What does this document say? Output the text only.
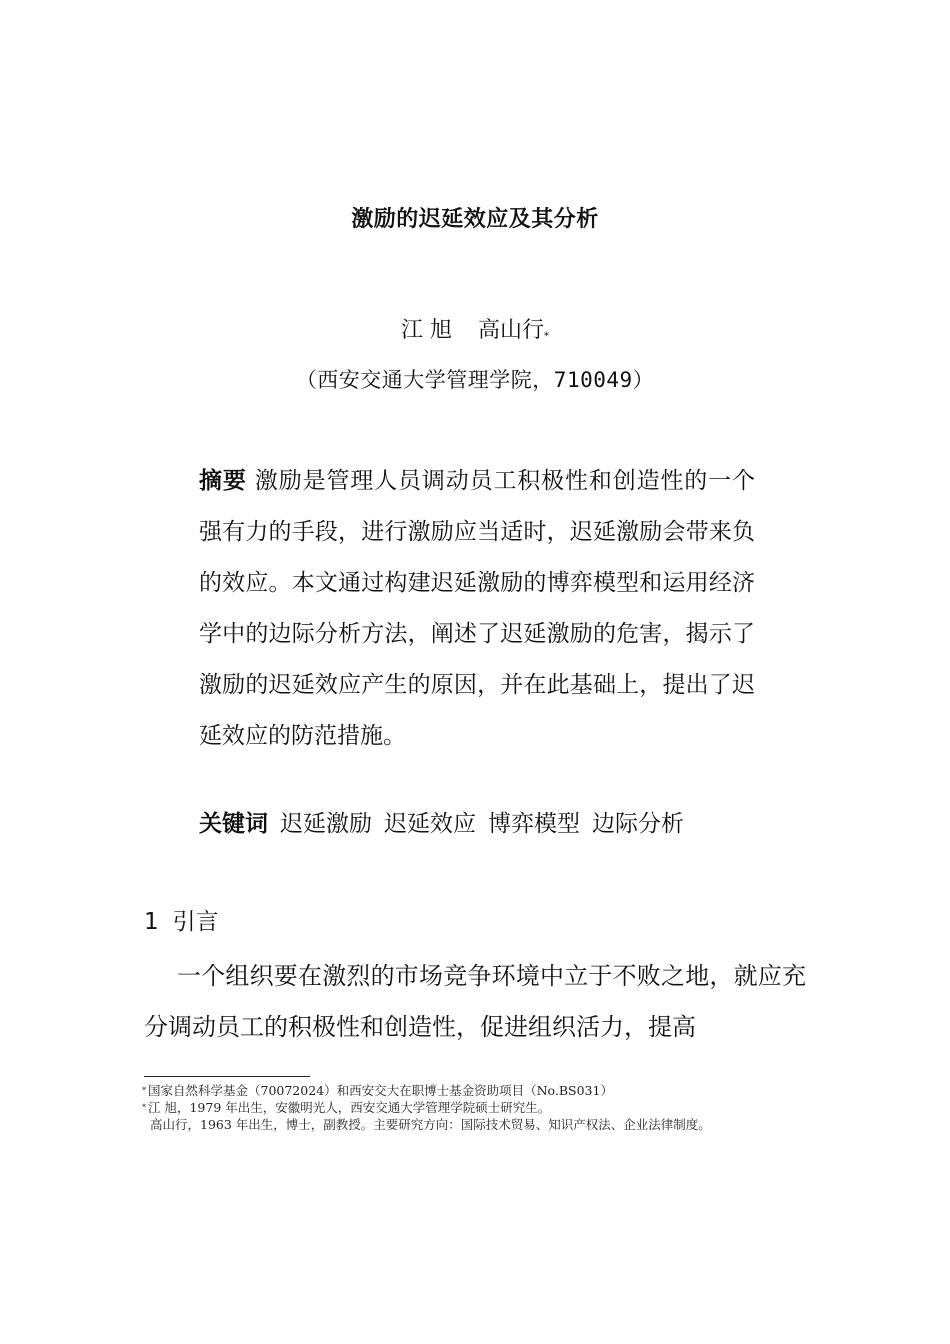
激励的迟延效应及其分析
江 旭 高山行*
（西安交通大学管理学院，710049）
摘要 激励是管理人员调动员工积极性和创造性的一个强有力的手段，进行激励应当适时，迟延激励会带来负的效应。本文通过构建迟延激励的博弈模型和运用经济学中的边际分析方法，阐述了迟延激励的危害，揭示了激励的迟延效应产生的原因，并在此基础上，提出了迟延效应的防范措施。
关键词 迟延激励 迟延效应 博弈模型 边际分析
1 引言
一个组织要在激烈的市场竞争环境中立于不败之地，就应充分调动员工的积极性和创造性，促进组织活力，提高
* 国家自然科学基金（70072024）和西安交大在职博士基金资助项目（No.BS031）
* 江 旭，1979 年出生，安徽明光人，西安交通大学管理学院硕士研究生。
高山行，1963 年出生，博士，副教授。主要研究方向：国际技术贸易、知识产权法、企业法律制度。
